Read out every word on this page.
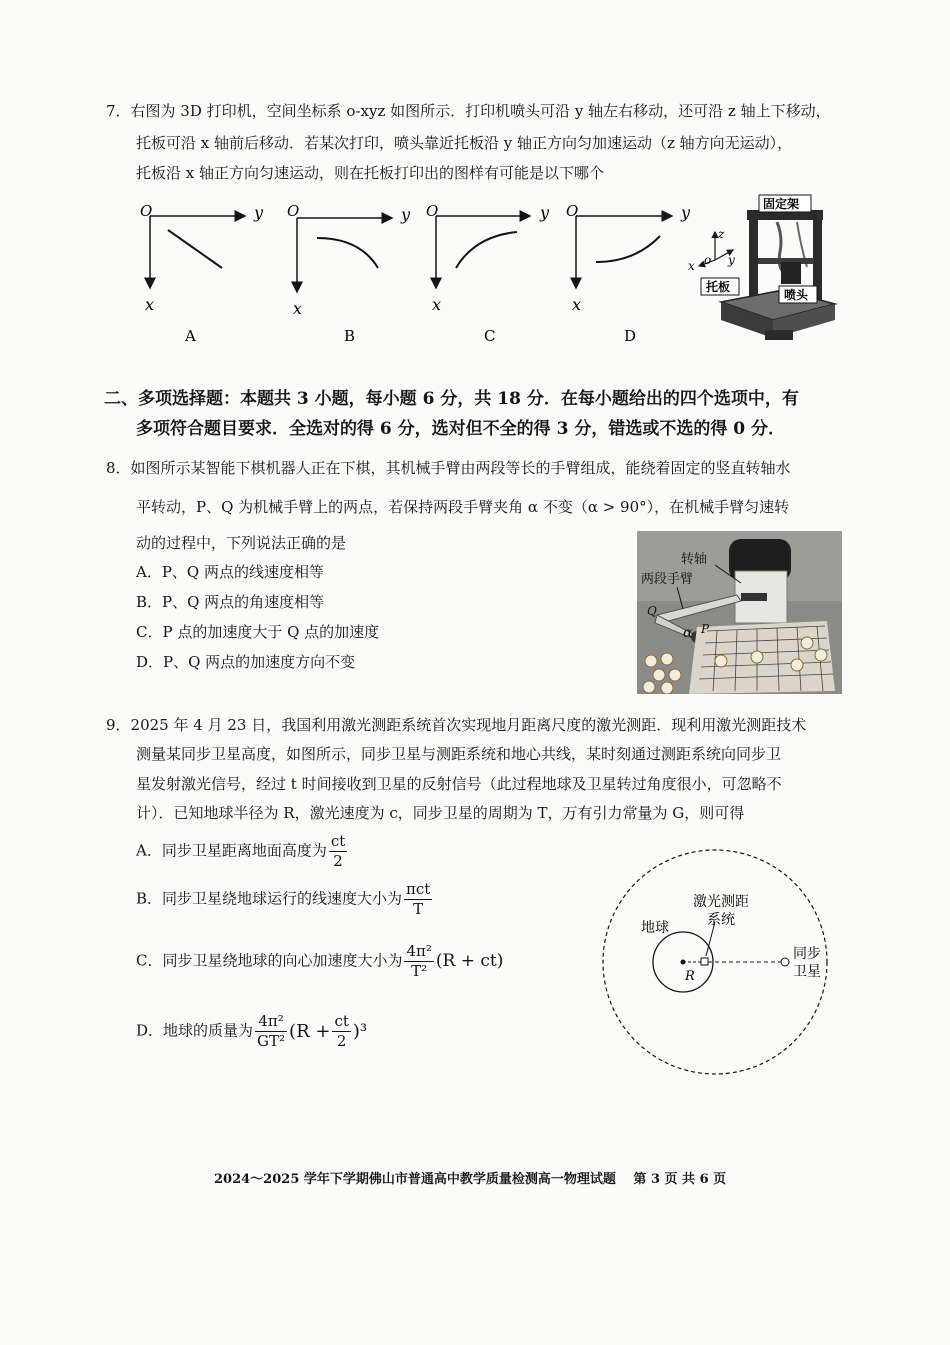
7．右图为 3D 打印机，空间坐标系 o-xyz 如图所示．打印机喷头可沿 y 轴左右移动，还可沿 z 轴上下移动，
托板可沿 x 轴前后移动．若某次打印，喷头靠近托板沿 y 轴正方向匀加速运动（z 轴方向无运动），
托板沿 x 轴正方向匀速运动，则在托板打印出的图样有可能是以下哪个
O	y
x
A
O	y
x
B
O	y
x
C
O	y
x
D
z
x o y
固定架
托板
喷头
二、多项选择题：本题共 3 小题，每小题 6 分，共 18 分．在每小题给出的四个选项中，有
多项符合题目要求．全选对的得 6 分，选对但不全的得 3 分，错选或不选的得 0 分．
8．如图所示某智能下棋机器人正在下棋，其机械手臂由两段等长的手臂组成，能绕着固定的竖直转轴水
平转动，P、Q 为机械手臂上的两点，若保持两段手臂夹角 α 不变（α > 90°），在机械手臂匀速转
动的过程中，下列说法正确的是
A．P、Q 两点的线速度相等
B．P、Q 两点的角速度相等
C．P 点的加速度大于 Q 点的加速度
D．P、Q 两点的加速度方向不变
转轴
两段手臂
α
Q
P
9．2025 年 4 月 23 日，我国利用激光测距系统首次实现地月距离尺度的激光测距．现利用激光测距技术
测量某同步卫星高度，如图所示，同步卫星与测距系统和地心共线，某时刻通过测距系统向同步卫
星发射激光信号，经过 t 时间接收到卫星的反射信号（此过程地球及卫星转过角度很小，可忽略不
计）．已知地球半径为 R，激光速度为 c，同步卫星的周期为 T，万有引力常量为 G，则可得
A．同步卫星距离地面高度为 $\frac{ct}{2}$
B．同步卫星绕地球运行的线速度大小为 $\frac{\text{πct}}{T}$
C．同步卫星绕地球的向心加速度大小为 $\frac{\text{4π²}}{\text{T²}} (R + ct)$
D．地球的质量为 $\frac{\text{4π²}}{\text{GT²}} (R + \frac{ct}{2} )^3$
R
地球
激光测距
系统
同步
卫星
2024～2025 学年下学期佛山市普通高中教学质量检测高一物理试题　 第 3 页 共 6 页
